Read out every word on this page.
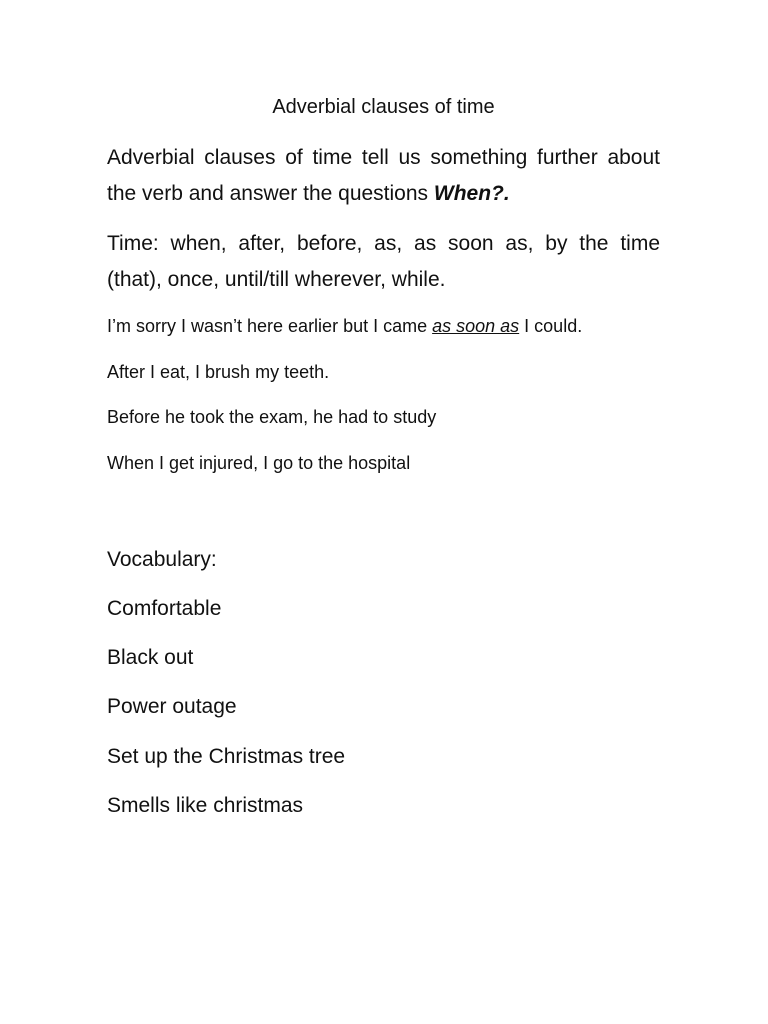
Adverbial clauses of time
Adverbial clauses of time tell us something further about the verb and answer the questions When?.
Time: when, after, before, as, as soon as, by the time (that), once, until/till wherever, while.
I’m sorry I wasn’t here earlier but I came as soon as I could.
After I eat, I brush my teeth.
Before he took the exam, he had to study
When I get injured, I go to the hospital
Vocabulary:
Comfortable
Black out
Power outage
Set up the Christmas tree
Smells like christmas
